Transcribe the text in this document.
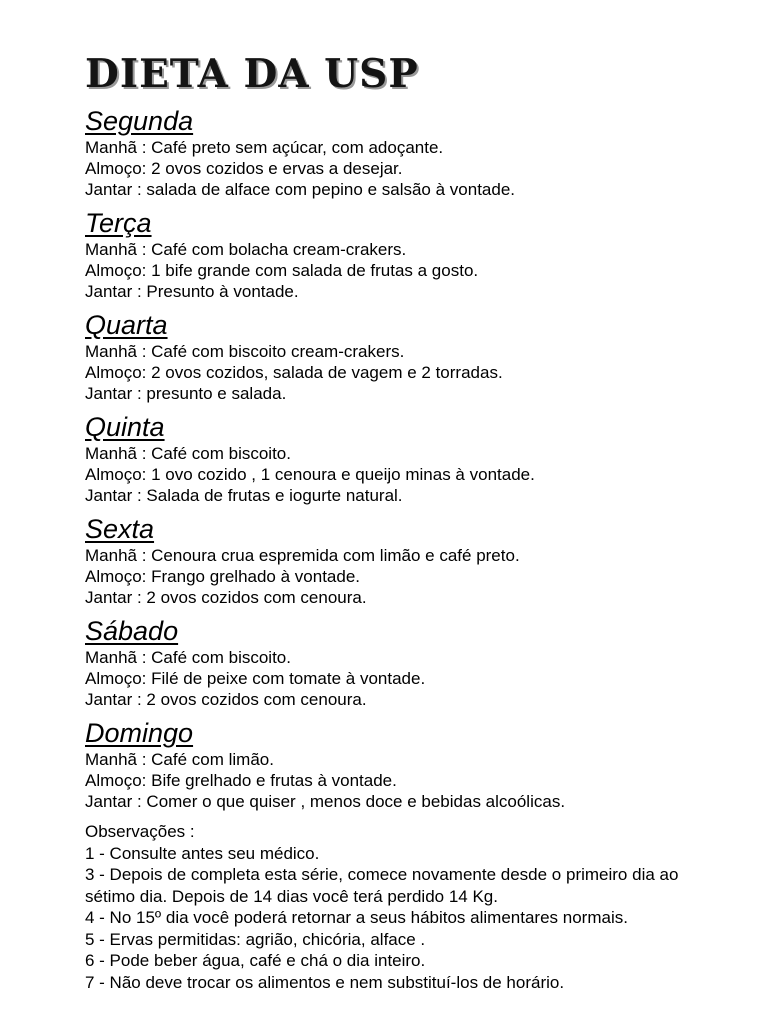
DIETA DA USP
Segunda

Manhã : Café preto sem açúcar, com adoçante.

Almoço: 2 ovos cozidos e ervas a desejar.

Jantar : salada de alface com pepino e salsão à vontade.

Terça

Manhã : Café com bolacha cream-crakers.

Almoço: 1 bife grande com salada de frutas a gosto.

Jantar : Presunto à vontade.

Quarta

Manhã : Café com biscoito cream-crakers.

Almoço: 2 ovos cozidos, salada de vagem e 2 torradas.

Jantar : presunto e salada.

Quinta

Manhã : Café com biscoito.

Almoço: 1 ovo cozido , 1 cenoura e queijo minas à vontade.

Jantar : Salada de frutas e iogurte natural.

Sexta

Manhã : Cenoura crua espremida com limão e café preto.

Almoço: Frango grelhado à vontade.

Jantar : 2 ovos cozidos com cenoura.

Sábado

Manhã : Café com biscoito.

Almoço: Filé de peixe com tomate à vontade.

Jantar : 2 ovos cozidos com cenoura.

Domingo

Manhã : Café com limão.

Almoço: Bife grelhado e frutas à vontade.

Jantar : Comer o que quiser , menos doce e bebidas alcoólicas.

Observações :

1 - Consulte antes seu médico.

3 - Depois de completa esta série, comece novamente desde o primeiro dia ao sétimo dia. Depois de 14 dias você terá perdido 14 Kg.

4 - No 15º dia você poderá retornar a seus hábitos alimentares normais.

5 - Ervas permitidas: agrião, chicória, alface .

6 - Pode beber água, café e chá o dia inteiro.

7 - Não deve trocar os alimentos e nem substituí-los de horário.
